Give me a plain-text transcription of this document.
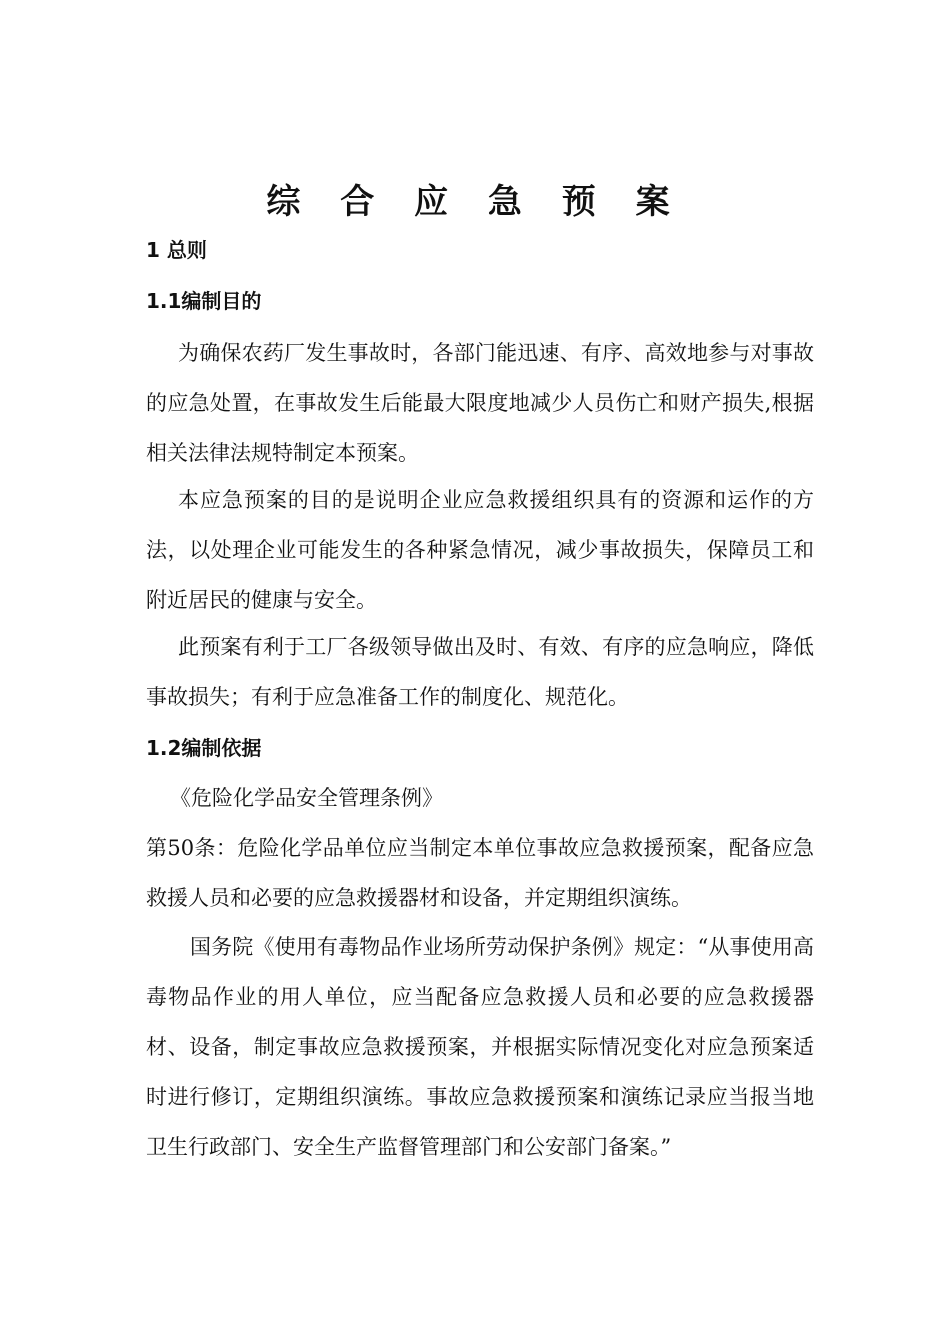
综 合 应 急 预 案
1 总则
1.1编制目的

为确保农药厂发生事故时，各部门能迅速、有序、高效地参与对事故的应急处置，在事故发生后能最大限度地减少人员伤亡和财产损失,根据相关法律法规特制定本预案。

本应急预案的目的是说明企业应急救援组织具有的资源和运作的方法，以处理企业可能发生的各种紧急情况，减少事故损失，保障员工和附近居民的健康与安全。

此预案有利于工厂各级领导做出及时、有效、有序的应急响应，降低事故损失；有利于应急准备工作的制度化、规范化。

1.2编制依据

《危险化学品安全管理条例》

第50条：危险化学品单位应当制定本单位事故应急救援预案，配备应急救援人员和必要的应急救援器材和设备，并定期组织演练。

国务院《使用有毒物品作业场所劳动保护条例》规定：“从事使用高毒物品作业的用人单位，应当配备应急救援人员和必要的应急救援器材、设备，制定事故应急救援预案，并根据实际情况变化对应急预案适时进行修订，定期组织演练。事故应急救援预案和演练记录应当报当地卫生行政部门、安全生产监督管理部门和公安部门备案。”
